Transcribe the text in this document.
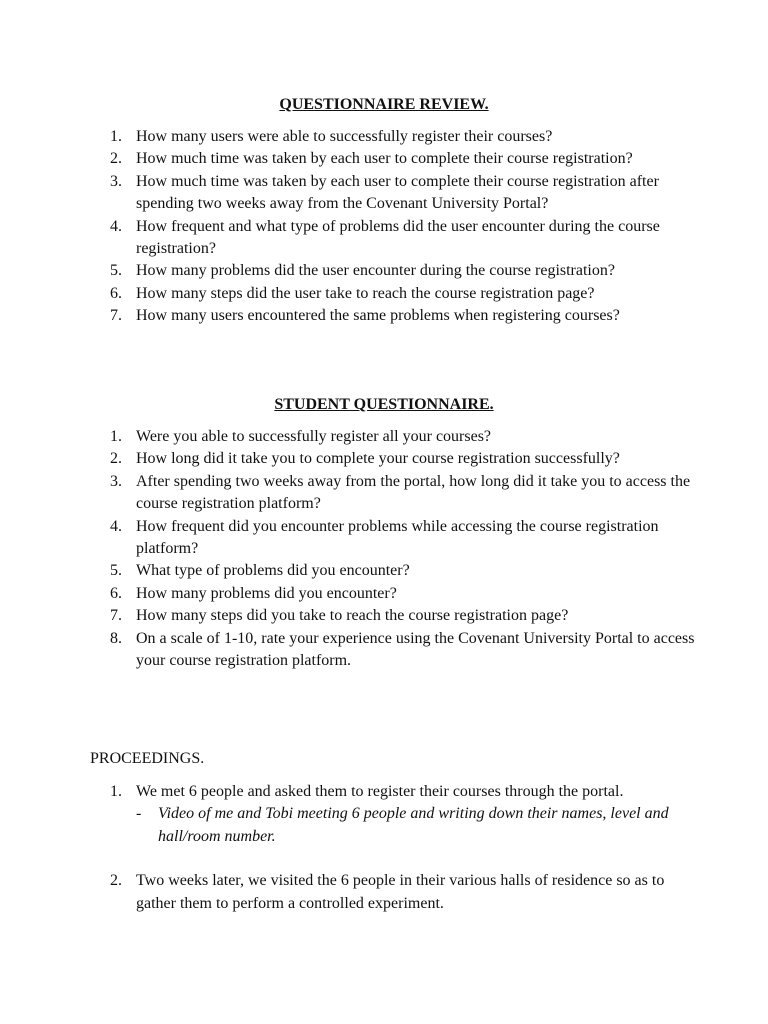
QUESTIONNAIRE REVIEW.
1. How many users were able to successfully register their courses?
2. How much time was taken by each user to complete their course registration?
3. How much time was taken by each user to complete their course registration after spending two weeks away from the Covenant University Portal?
4. How frequent and what type of problems did the user encounter during the course registration?
5. How many problems did the user encounter during the course registration?
6. How many steps did the user take to reach the course registration page?
7. How many users encountered the same problems when registering courses?
STUDENT QUESTIONNAIRE.
1. Were you able to successfully register all your courses?
2. How long did it take you to complete your course registration successfully?
3. After spending two weeks away from the portal, how long did it take you to access the course registration platform?
4. How frequent did you encounter problems while accessing the course registration platform?
5. What type of problems did you encounter?
6. How many problems did you encounter?
7. How many steps did you take to reach the course registration page?
8. On a scale of 1-10, rate your experience using the Covenant University Portal to access your course registration platform.

PROCEEDINGS.

1. We met 6 people and asked them to register their courses through the portal.

- Video of me and Tobi meeting 6 people and writing down their names, level and hall/room number.

2. Two weeks later, we visited the 6 people in their various halls of residence so as to gather them to perform a controlled experiment.
